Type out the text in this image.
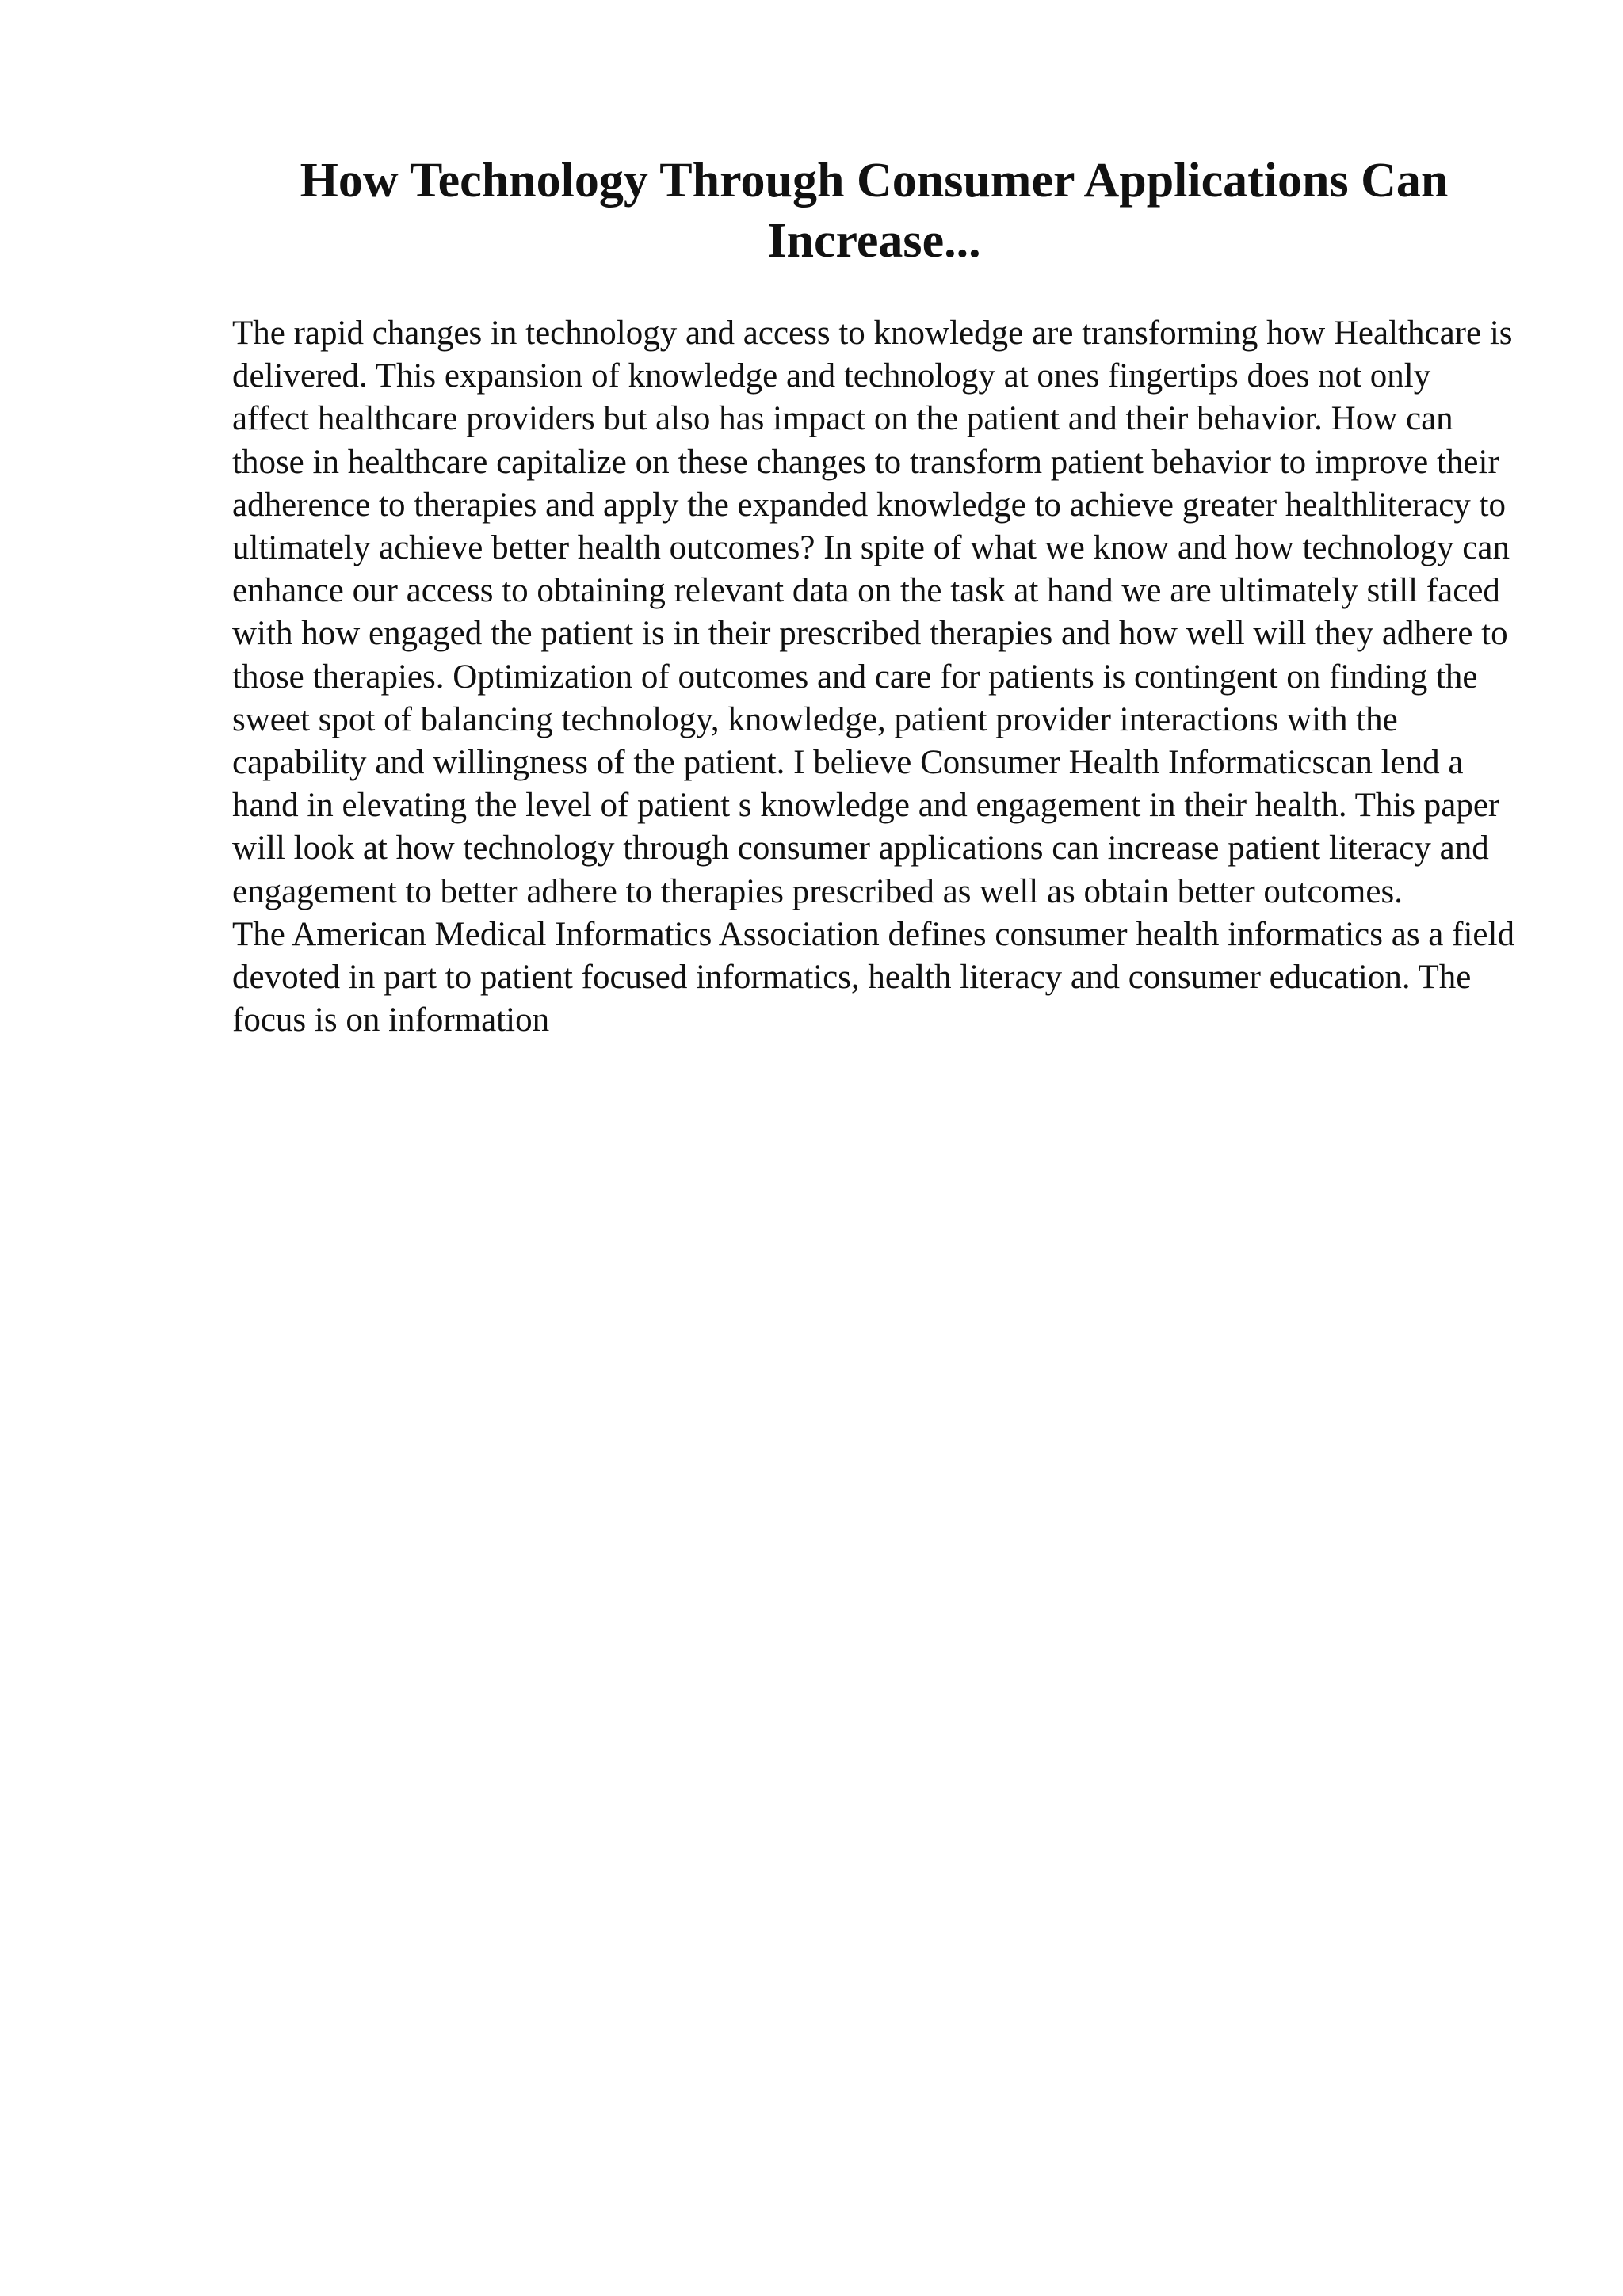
How Technology Through Consumer Applications Can Increase...

The rapid changes in technology and access to knowledge are transforming how Healthcare is delivered. This expansion of knowledge and technology at ones fingertips does not only affect healthcare providers but also has impact on the patient and their behavior. How can those in healthcare capitalize on these changes to transform patient behavior to improve their adherence to therapies and apply the expanded knowledge to achieve greater healthliteracy to ultimately achieve better health outcomes? In spite of what we know and how technology can enhance our access to obtaining relevant data on the task at hand we are ultimately still faced with how engaged the patient is in their prescribed therapies and how well will they adhere to those therapies. Optimization of outcomes and care for patients is contingent on finding the sweet spot of balancing technology, knowledge, patient provider interactions with the capability and willingness of the patient. I believe Consumer Health Informaticscan lend a hand in elevating the level of patient s knowledge and engagement in their health. This paper will look at how technology through consumer applications can increase patient literacy and engagement to better adhere to therapies prescribed as well as obtain better outcomes.

The American Medical Informatics Association defines consumer health informatics as a field devoted in part to patient focused informatics, health literacy and consumer education. The focus is on information
